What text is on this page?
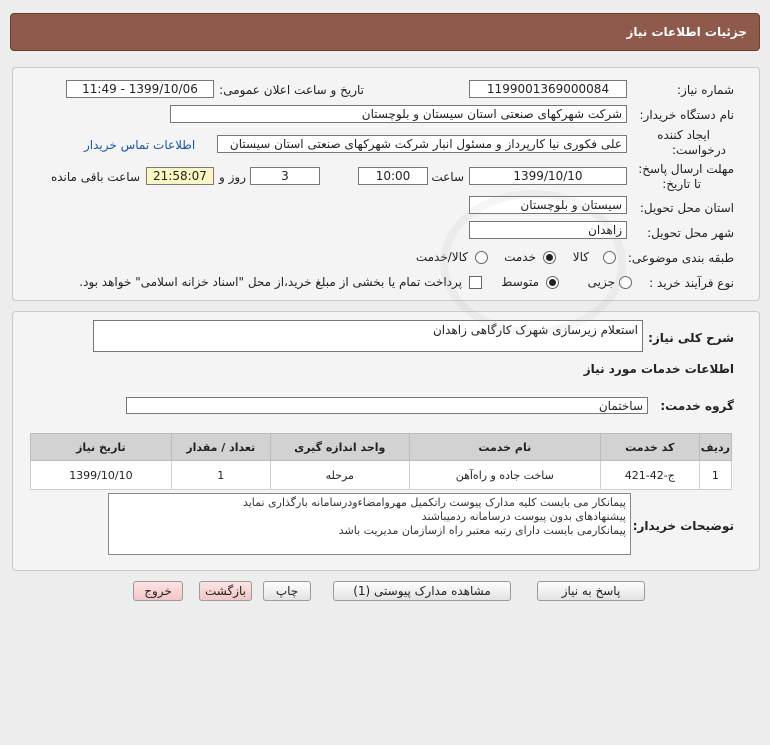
جزئیات اطلاعات نیاز
شماره نیاز:
1199001369000084
تاریخ و ساعت اعلان عمومی:
1399/10/06 - 11:49
نام دستگاه خریدار:
شرکت شهرکهای صنعتی استان سیستان و بلوچستان
ایجاد کننده
درخواست:
علی فکوری نیا کارپرداز و مسئول انبار شرکت شهرکهای صنعتی استان سیستان
اطلاعات تماس خریدار
مهلت ارسال پاسخ:
تا تاریخ:
1399/10/10
ساعت
10:00
3
روز و
21:58:07
ساعت باقی مانده
استان محل تحویل:
سیستان و بلوچستان
شهر محل تحویل:
زاهدان
طبقه بندی موضوعی:
کالا
خدمت
کالا/خدمت
نوع فرآیند خرید :
جزیی
متوسط
پرداخت تمام یا بخشی از مبلغ خرید،از محل "اسناد خزانه اسلامی" خواهد بود.
شرح کلی نیاز:
استعلام زیرسازی شهرک کارگاهی زاهدان
اطلاعات خدمات مورد نیاز
گروه خدمت:
ساختمان
ردیف	کد خدمت	نام خدمت	واحد اندازه گیری	تعداد / مقدار	تاریخ نیاز
1	ج-42-421	ساخت جاده و راه‌آهن	مرحله	1	1399/10/10
توضیحات خریدار:
پیمانکار می بایست کلیه مدارک پیوست راتکمیل مهروامضاءودرسامانه بارگذاری نماید
پیشنهادهای بدون پیوست درسامانه ردمیباشند
پیمانکارمی بایست دارای رتبه معتبر راه ازسازمان مدیریت باشد
پاسخ به نیاز
مشاهده مدارک پیوستی (1)
چاپ
بازگشت
خروج
